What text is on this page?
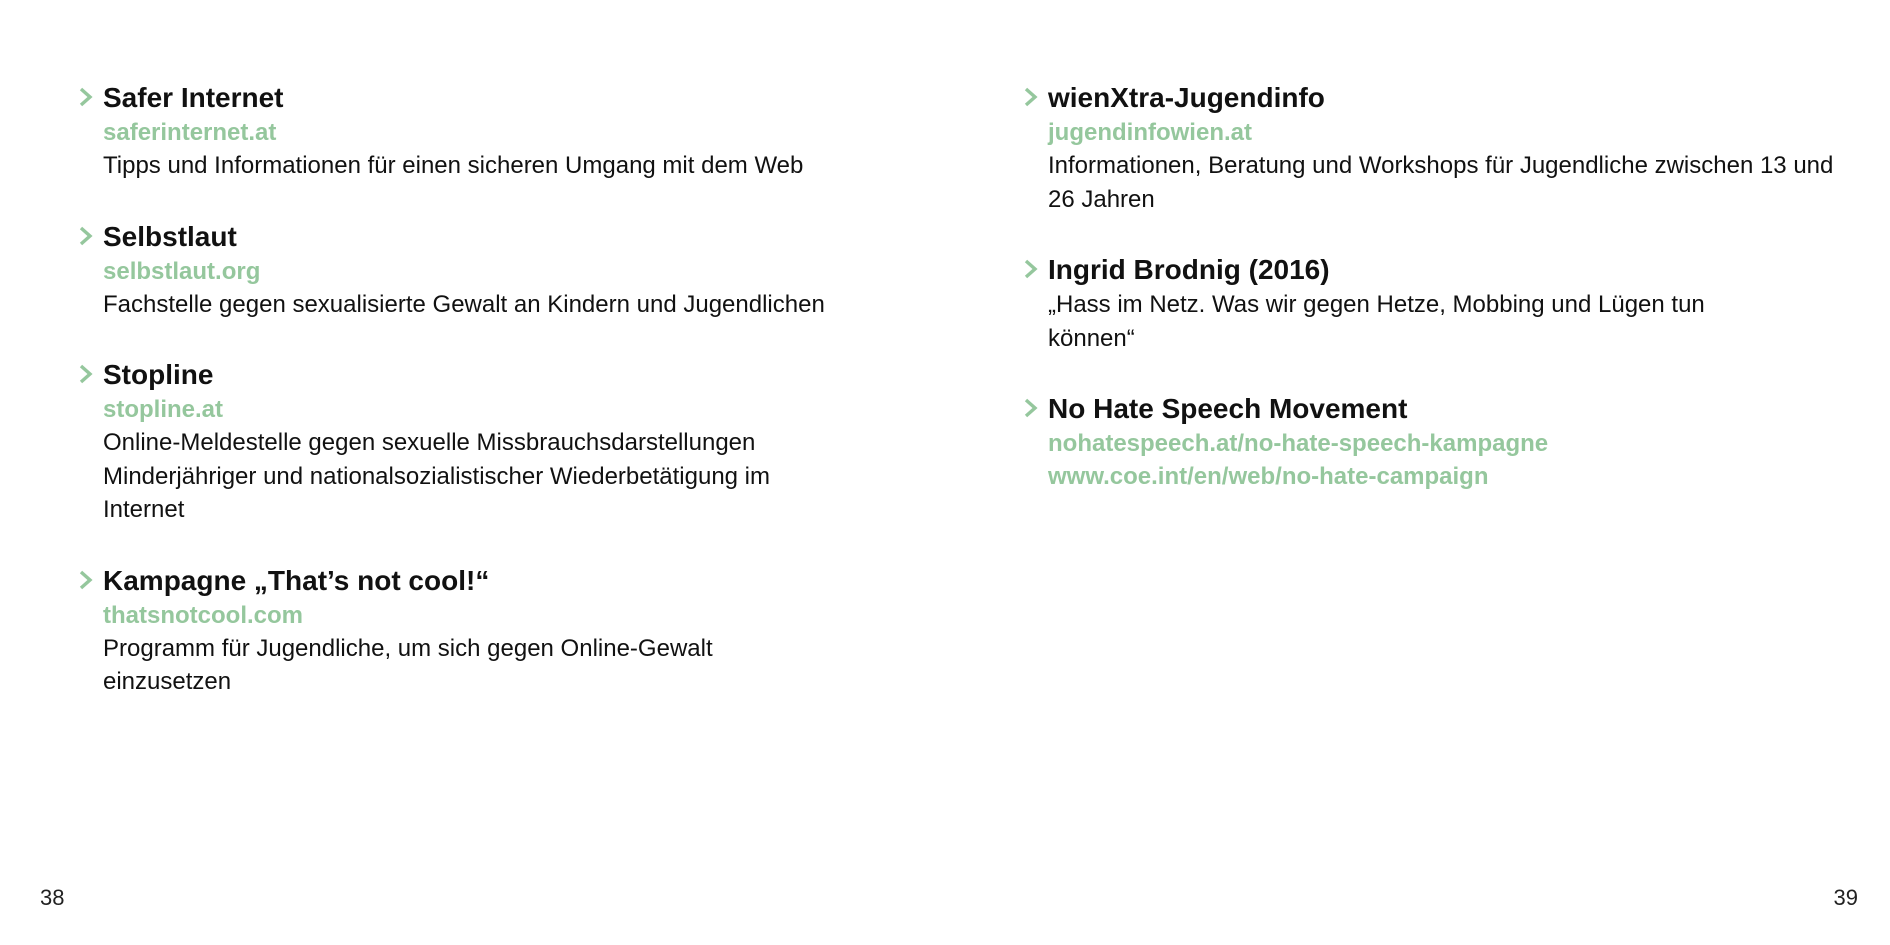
Safer Internet
saferinternet.at

Tipps und Informationen für einen sicheren Umgang mit dem Web

Selbstlaut
selbstlaut.org

Fachstelle gegen sexualisierte Gewalt an Kindern und Jugendlichen

Stopline
stopline.at

Online-Meldestelle gegen sexuelle Missbrauchsdarstellungen Minderjähriger und nationalsozialistischer Wiederbetätigung im Internet

Kampagne „That’s not cool!“
thatsnotcool.com

Programm für Jugendliche, um sich gegen Online-Gewalt einzusetzen

38
wienXtra-Jugendinfo
jugendinfowien.at

Informationen, Beratung und Workshops für Jugendliche zwischen 13 und 26 Jahren

Ingrid Brodnig (2016)

„Hass im Netz. Was wir gegen Hetze, Mobbing und Lügen tun können“

No Hate Speech Movement
nohatespeech.at/no-hate-speech-kampagne
www.coe.int/en/web/no-hate-campaign
39
